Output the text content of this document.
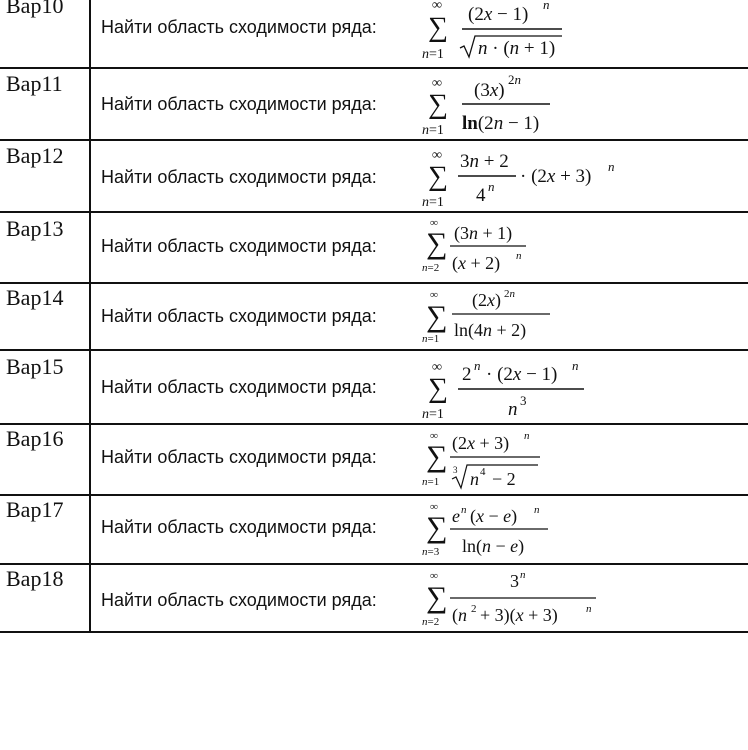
Вар10
Найти область сходимости ряда:
∞
∑
n=1
(2x − 1) n
n · (n + 1)
Вар11
Найти область сходимости ряда:
∞
∑
n=1
(3x)
2n
ln(2n − 1)
Вар12
Найти область сходимости ряда:
∞
∑
n=1
3n + 2
4 n · (2x + 3) n
Вар13
Найти область сходимости ряда:
∞
∑
n=2
(3n + 1)
(x + 2) n
Вар14
Найти область сходимости ряда:
∞
∑
n=1
(2x) 2n
ln(4n + 2)
Вар15
Найти область сходимости ряда:
∞
∑
n=1
2 n · (2x − 1) n
n 3
Вар16
Найти область сходимости ряда:
∞
∑
n=1
(2x + 3) n
3 n 4 − 2
Вар17
Найти область сходимости ряда:
∞
∑
n=3
e n (x − e) n
ln(n − e)
Вар18
Найти область сходимости ряда:
∞
∑
n=2
3 n
(n 2 + 3)(x + 3)	n
